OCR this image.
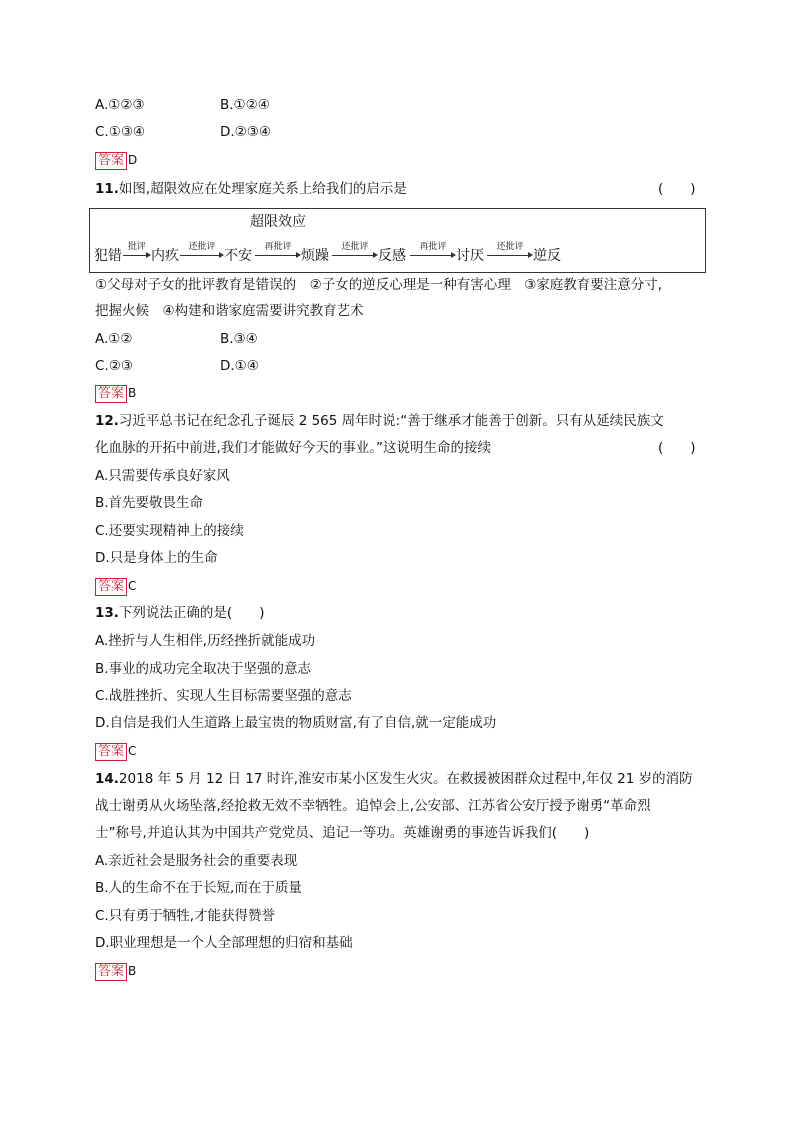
A.①②③	B.①②④
C.①③④	D.②③④
答案 D
11.如图,超限效应在处理家庭关系上给我们的启示是	(　　)
超限效应
犯错
批评
内疚
还批评
不安
再批评
烦躁
还批评
反感
再批评
讨厌
还批评
逆反
①父母对子女的批评教育是错误的　②子女的逆反心理是一种有害心理　③家庭教育要注意分寸,
把握火候　④构建和谐家庭需要讲究教育艺术
A.①②	B.③④
C.②③	D.①④
答案 B
12.习近平总书记在纪念孔子诞辰 2 565 周年时说:“善于继承才能善于创新。只有从延续民族文
化血脉的开拓中前进,我们才能做好今天的事业。”这说明生命的接续	(　　)
A.只需要传承良好家风
B.首先要敬畏生命
C.还要实现精神上的接续
D.只是身体上的生命
答案 C
13.下列说法正确的是(　　)
A.挫折与人生相伴,历经挫折就能成功
B.事业的成功完全取决于坚强的意志
C.战胜挫折、实现人生目标需要坚强的意志
D.自信是我们人生道路上最宝贵的物质财富,有了自信,就一定能成功
答案 C
14.2018 年 5 月 12 日 17 时许,淮安市某小区发生火灾。在救援被困群众过程中,年仅 21 岁的消防
战士谢勇从火场坠落,经抢救无效不幸牺牲。追悼会上,公安部、江苏省公安厅授予谢勇“革命烈
士”称号,并追认其为中国共产党党员、追记一等功。英雄谢勇的事迹告诉我们(　　)
A.亲近社会是服务社会的重要表现
B.人的生命不在于长短,而在于质量
C.只有勇于牺牲,才能获得赞誉
D.职业理想是一个人全部理想的归宿和基础
答案 B
